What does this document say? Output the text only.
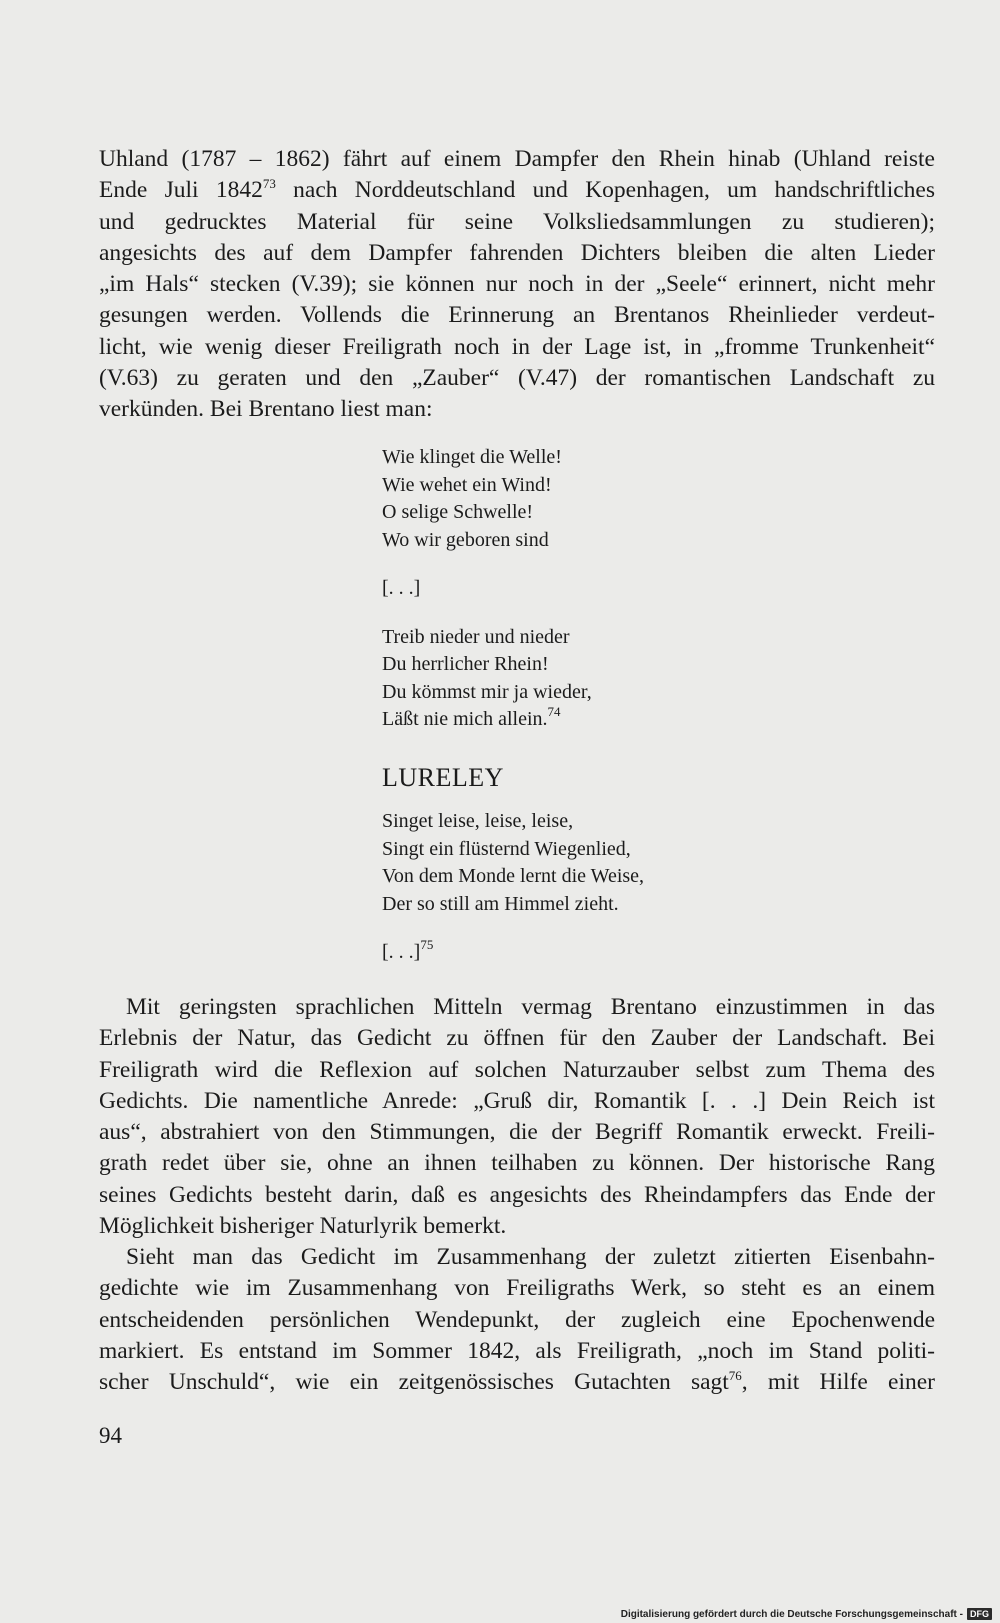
Uhland (1787 – 1862) fährt auf einem Dampfer den Rhein hinab (Uhland reiste
Ende Juli 1842$^{73}$ nach Norddeutschland und Kopenhagen, um handschriftliches
und gedrucktes Material für seine Volksliedsammlungen zu studieren);
angesichts des auf dem Dampfer fahrenden Dichters bleiben die alten Lieder
„im Hals“ stecken (V.39); sie können nur noch in der „Seele“ erinnert, nicht mehr
gesungen werden. Vollends die Erinnerung an Brentanos Rheinlieder verdeut-
licht, wie wenig dieser Freiligrath noch in der Lage ist, in „fromme Trunkenheit“
(V.63) zu geraten und den „Zauber“ (V.47) der romantischen Landschaft zu
verkünden. Bei Brentano liest man:
Wie klinget die Welle!
Wie wehet ein Wind!
O selige Schwelle!
Wo wir geboren sind
[. . .]
Treib nieder und nieder
Du herrlicher Rhein!
Du kömmst mir ja wieder,
Läßt nie mich allein.$^{74}$
LURELEY
Singet leise, leise, leise,
Singt ein flüsternd Wiegenlied,
Von dem Monde lernt die Weise,
Der so still am Himmel zieht.
[. . .]$^{75}$
Mit geringsten sprachlichen Mitteln vermag Brentano einzustimmen in das
Erlebnis der Natur, das Gedicht zu öffnen für den Zauber der Landschaft. Bei
Freiligrath wird die Reflexion auf solchen Naturzauber selbst zum Thema des
Gedichts. Die namentliche Anrede: „Gruß dir, Romantik [. . .] Dein Reich ist
aus“, abstrahiert von den Stimmungen, die der Begriff Romantik erweckt. Freili-
grath redet über sie, ohne an ihnen teilhaben zu können. Der historische Rang
seines Gedichts besteht darin, daß es angesichts des Rheindampfers das Ende der
Möglichkeit bisheriger Naturlyrik bemerkt.
Sieht man das Gedicht im Zusammenhang der zuletzt zitierten Eisenbahn-
gedichte wie im Zusammenhang von Freiligraths Werk, so steht es an einem
entscheidenden persönlichen Wendepunkt, der zugleich eine Epochenwende
markiert. Es entstand im Sommer 1842, als Freiligrath, „noch im Stand politi-
scher Unschuld“, wie ein zeitgenössisches Gutachten sagt$^{76}$, mit Hilfe einer
94
Digitalisierung gefördert durch die Deutsche Forschungsgemeinschaft - DFG
